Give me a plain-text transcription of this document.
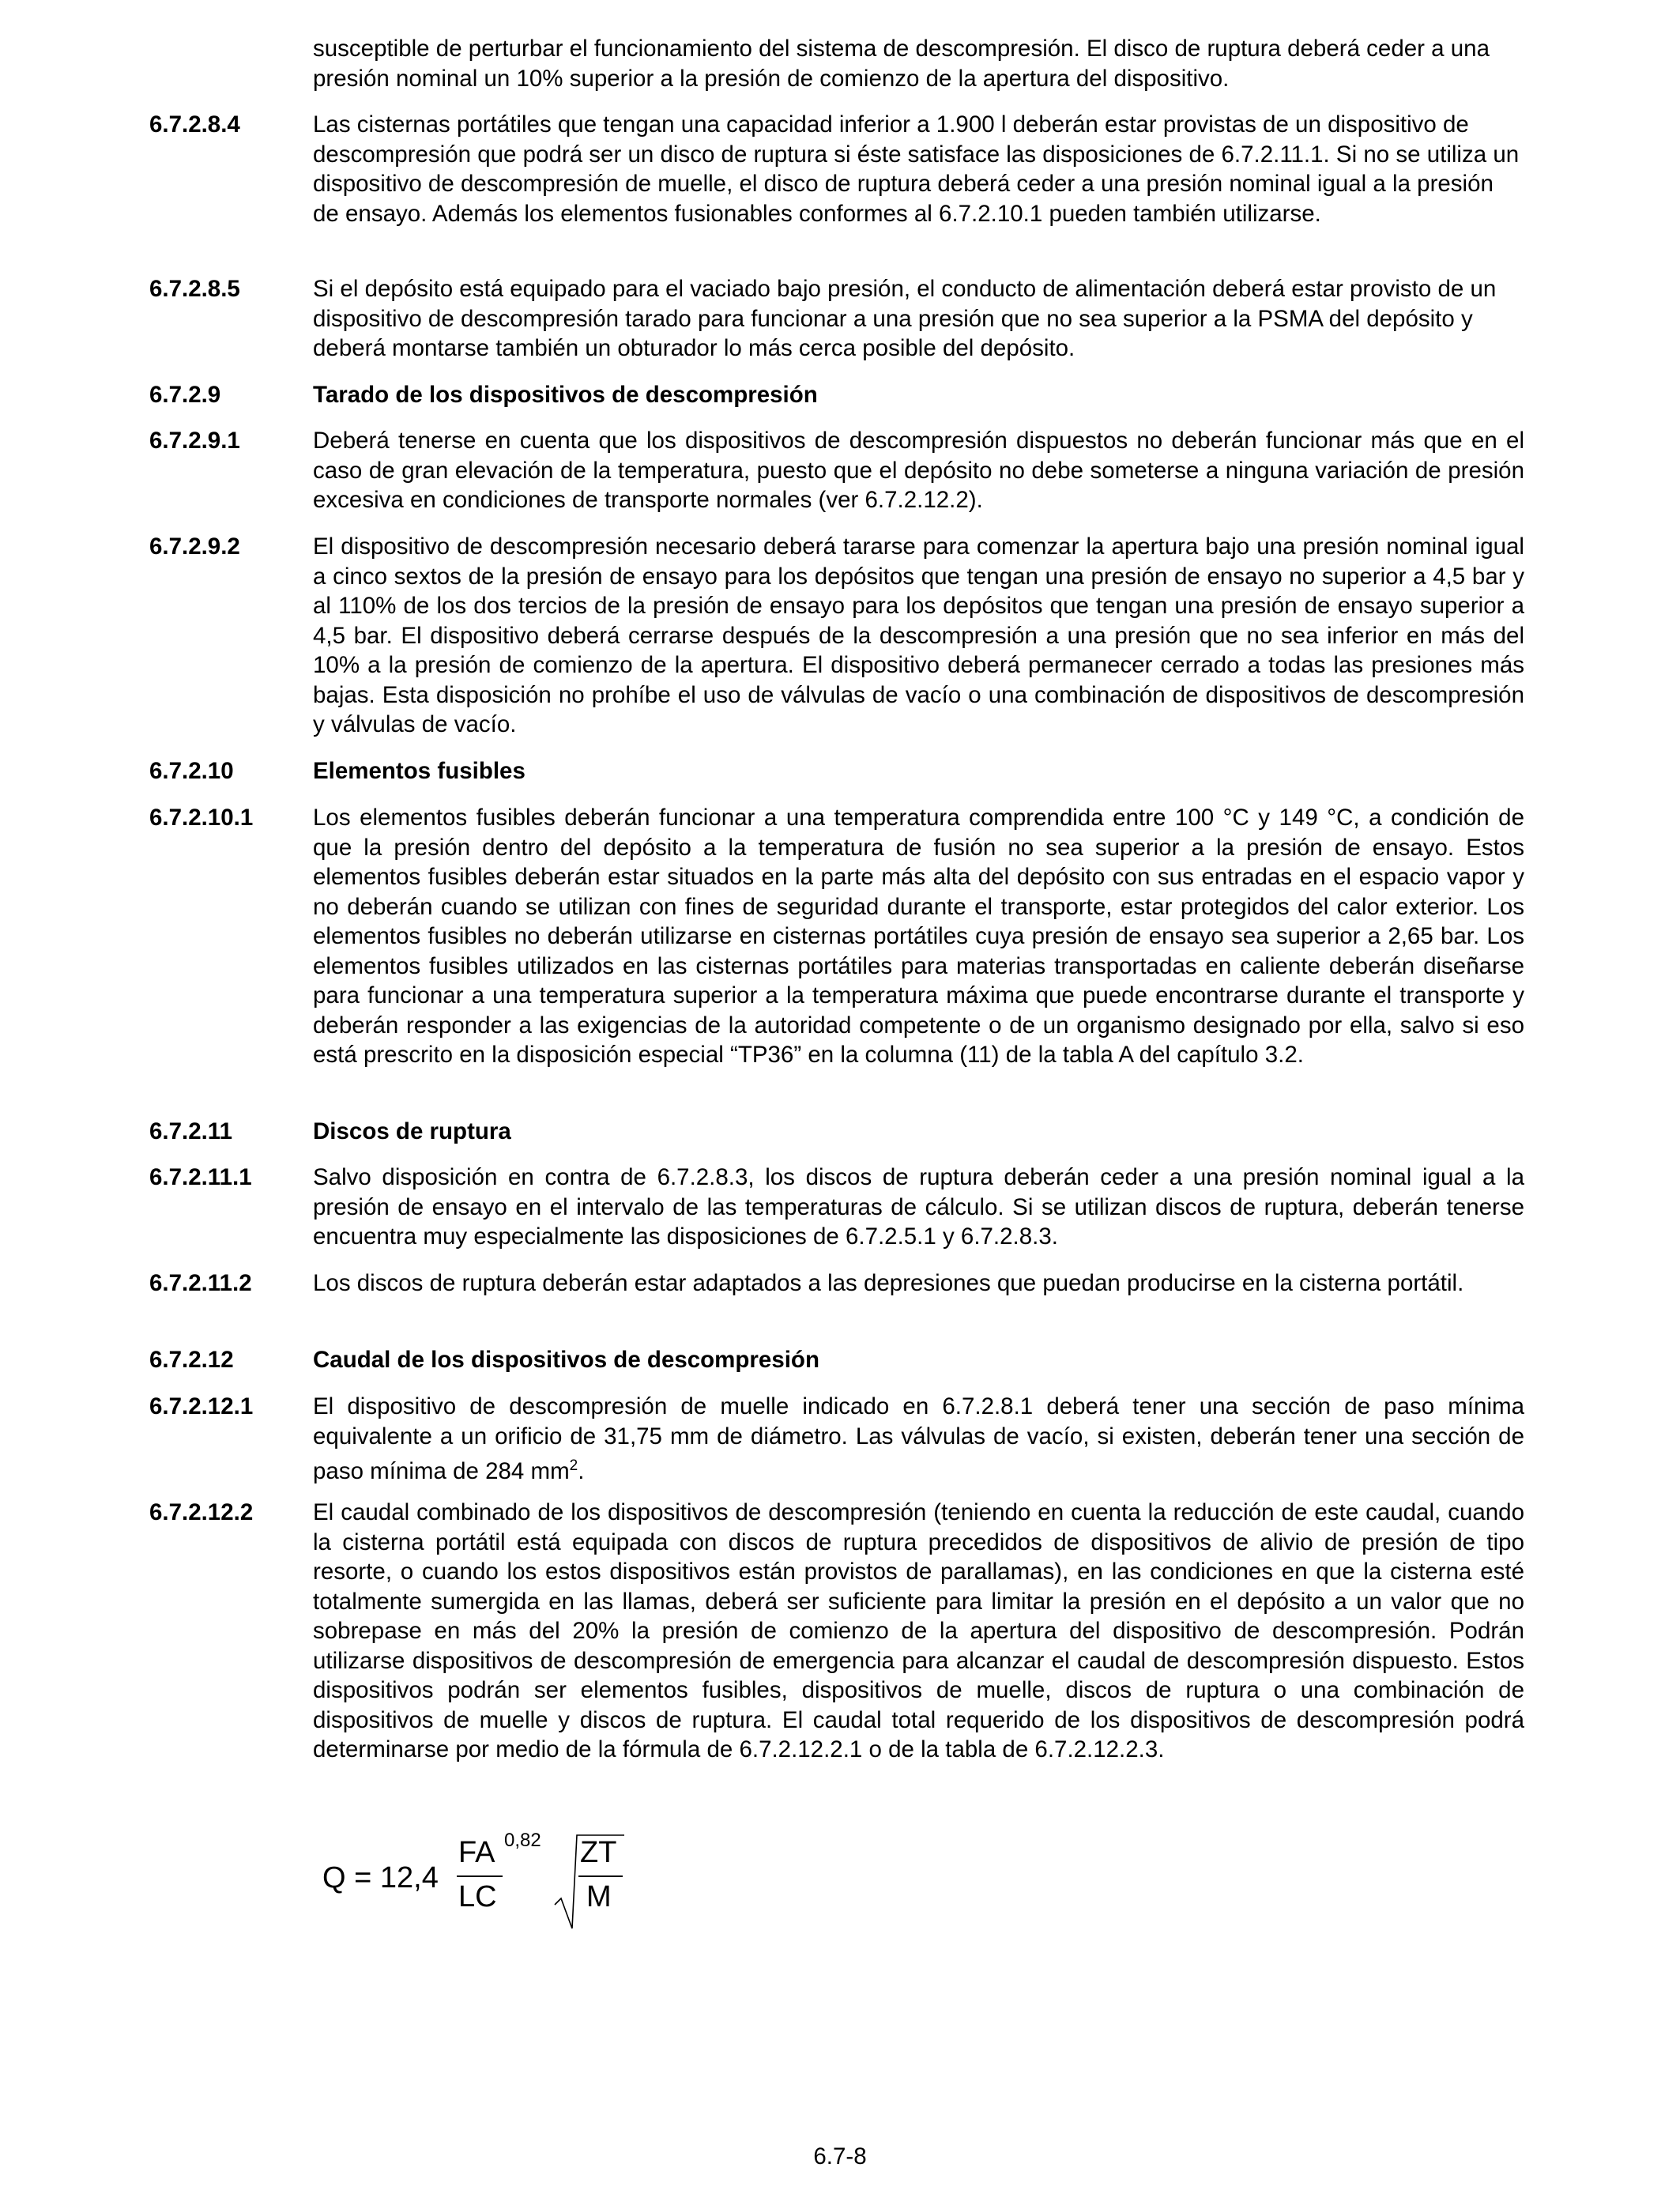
susceptible de perturbar el funcionamiento del sistema de descompresión. El disco de ruptura deberá ceder a una presión nominal un 10% superior a la presión de comienzo de la apertura del dispositivo.
6.7.2.8.4	Las cisternas portátiles que tengan una capacidad inferior a 1.900 l deberán estar provistas de un dispositivo de descompresión que podrá ser un disco de ruptura si éste satisface las disposiciones de 6.7.2.11.1. Si no se utiliza un dispositivo de descompresión de muelle, el disco de ruptura deberá ceder a una presión nominal igual a la presión de ensayo. Además los elementos fusionables conformes al 6.7.2.10.1 pueden también utilizarse.
6.7.2.8.5	Si el depósito está equipado para el vaciado bajo presión, el conducto de alimentación deberá estar provisto de un dispositivo de descompresión tarado para funcionar a una presión que no sea superior a la PSMA del depósito y deberá montarse también un obturador lo más cerca posible del depósito.
6.7.2.9	Tarado de los dispositivos de descompresión
6.7.2.9.1	Deberá tenerse en cuenta que los dispositivos de descompresión dispuestos no deberán funcionar más que en el caso de gran elevación de la temperatura, puesto que el depósito no debe someterse a ninguna variación de presión excesiva en condiciones de transporte normales (ver 6.7.2.12.2).
6.7.2.9.2	El dispositivo de descompresión necesario deberá tararse para comenzar la apertura bajo una presión nominal igual a cinco sextos de la presión de ensayo para los depósitos que tengan una presión de ensayo no superior a 4,5 bar y al 110% de los dos tercios de la presión de ensayo para los depósitos que tengan una presión de ensayo superior a 4,5 bar. El dispositivo deberá cerrarse después de la descompresión a una presión que no sea inferior en más del 10% a la presión de comienzo de la apertura. El dispositivo deberá permanecer cerrado a todas las presiones más bajas. Esta disposición no prohíbe el uso de válvulas de vacío o una combinación de dispositivos de descompresión y válvulas de vacío.
6.7.2.10	Elementos fusibles
6.7.2.10.1	Los elementos fusibles deberán funcionar a una temperatura comprendida entre 100 °C y 149 °C, a condición de que la presión dentro del depósito a la temperatura de fusión no sea superior a la presión de ensayo. Estos elementos fusibles deberán estar situados en la parte más alta del depósito con sus entradas en el espacio vapor y no deberán cuando se utilizan con fines de seguridad durante el transporte, estar protegidos del calor exterior. Los elementos fusibles no deberán utilizarse en cisternas portátiles cuya presión de ensayo sea superior a 2,65 bar. Los elementos fusibles utilizados en las cisternas portátiles para materias transportadas en caliente deberán diseñarse para funcionar a una temperatura superior a la temperatura máxima que puede encontrarse durante el transporte y deberán responder a las exigencias de la autoridad competente o de un organismo designado por ella, salvo si eso está prescrito en la disposición especial “TP36” en la columna (11) de la tabla A del capítulo 3.2.
6.7.2.11	Discos de ruptura
6.7.2.11.1	Salvo disposición en contra de 6.7.2.8.3, los discos de ruptura deberán ceder a una presión nominal igual a la presión de ensayo en el intervalo de las temperaturas de cálculo. Si se utilizan discos de ruptura, deberán tenerse encuentra muy especialmente las disposiciones de 6.7.2.5.1 y 6.7.2.8.3.
6.7.2.11.2	Los discos de ruptura deberán estar adaptados a las depresiones que puedan producirse en la cisterna portátil.
6.7.2.12	Caudal de los dispositivos de descompresión
6.7.2.12.1	El dispositivo de descompresión de muelle indicado en 6.7.2.8.1 deberá tener una sección de paso mínima equivalente a un orificio de 31,75 mm de diámetro. Las válvulas de vacío, si existen, deberán tener una sección de paso mínima de 284 $mm^2$.
6.7.2.12.2	El caudal combinado de los dispositivos de descompresión (teniendo en cuenta la reducción de este caudal, cuando la cisterna portátil está equipada con discos de ruptura precedidos de dispositivos de alivio de presión de tipo resorte, o cuando los estos dispositivos están provistos de parallamas), en las condiciones en que la cisterna esté totalmente sumergida en las llamas, deberá ser suficiente para limitar la presión en el depósito a un valor que no sobrepase en más del 20% la presión de comienzo de la apertura del dispositivo de descompresión. Podrán utilizarse dispositivos de descompresión de emergencia para alcanzar el caudal de descompresión dispuesto. Estos dispositivos podrán ser elementos fusibles, dispositivos de muelle, discos de ruptura o una combinación de dispositivos de muelle y discos de ruptura. El caudal total requerido de los dispositivos de descompresión podrá determinarse por medio de la fórmula de 6.7.2.12.2.1 o de la tabla de 6.7.2.12.2.3.
Q = 12,4
FA 0,82
LC
ZT
M
6.7-8
